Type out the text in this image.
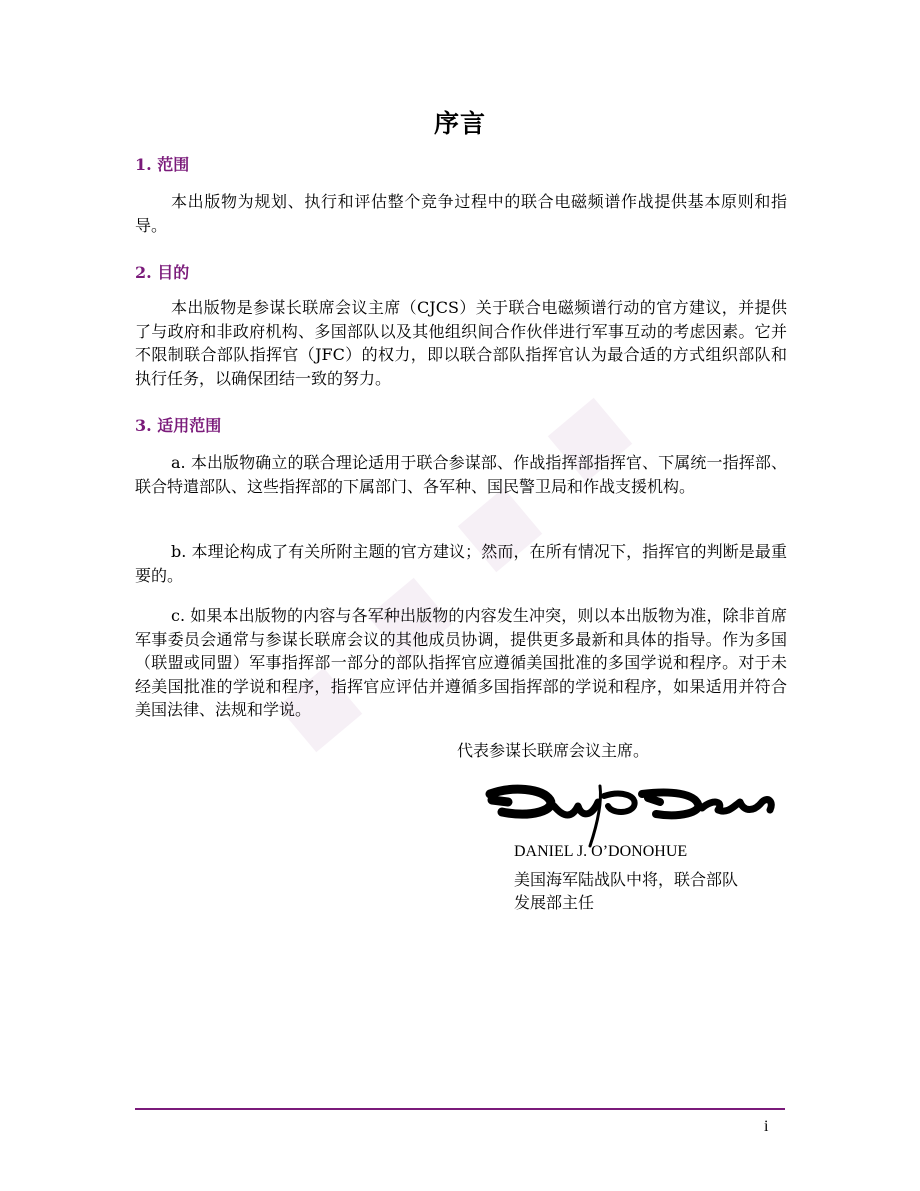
序言
1. 范围

本出版物为规划、执行和评估整个竞争过程中的联合电磁频谱作战提供基本原则和指导。

2. 目的

本出版物是参谋长联席会议主席（CJCS）关于联合电磁频谱行动的官方建议，并提供了与政府和非政府机构、多国部队以及其他组织间合作伙伴进行军事互动的考虑因素。它并不限制联合部队指挥官（JFC）的权力，即以联合部队指挥官认为最合适的方式组织部队和执行任务，以确保团结一致的努力。

3. 适用范围

a. 本出版物确立的联合理论适用于联合参谋部、作战指挥部指挥官、下属统一指挥部、联合特遣部队、这些指挥部的下属部门、各军种、国民警卫局和作战支援机构。

b. 本理论构成了有关所附主题的官方建议；然而，在所有情况下，指挥官的判断是最重要的。

c. 如果本出版物的内容与各军种出版物的内容发生冲突，则以本出版物为准，除非首席军事委员会通常与参谋长联席会议的其他成员协调，提供更多最新和具体的指导。作为多国（联盟或同盟）军事指挥部一部分的部队指挥官应遵循美国批准的多国学说和程序。对于未经美国批准的学说和程序，指挥官应评估并遵循多国指挥部的学说和程序，如果适用并符合美国法律、法规和学说。

代表参谋长联席会议主席。
DANIEL J. O’DONOHUE
美国海军陆战队中将，联合部队
发展部主任
i
